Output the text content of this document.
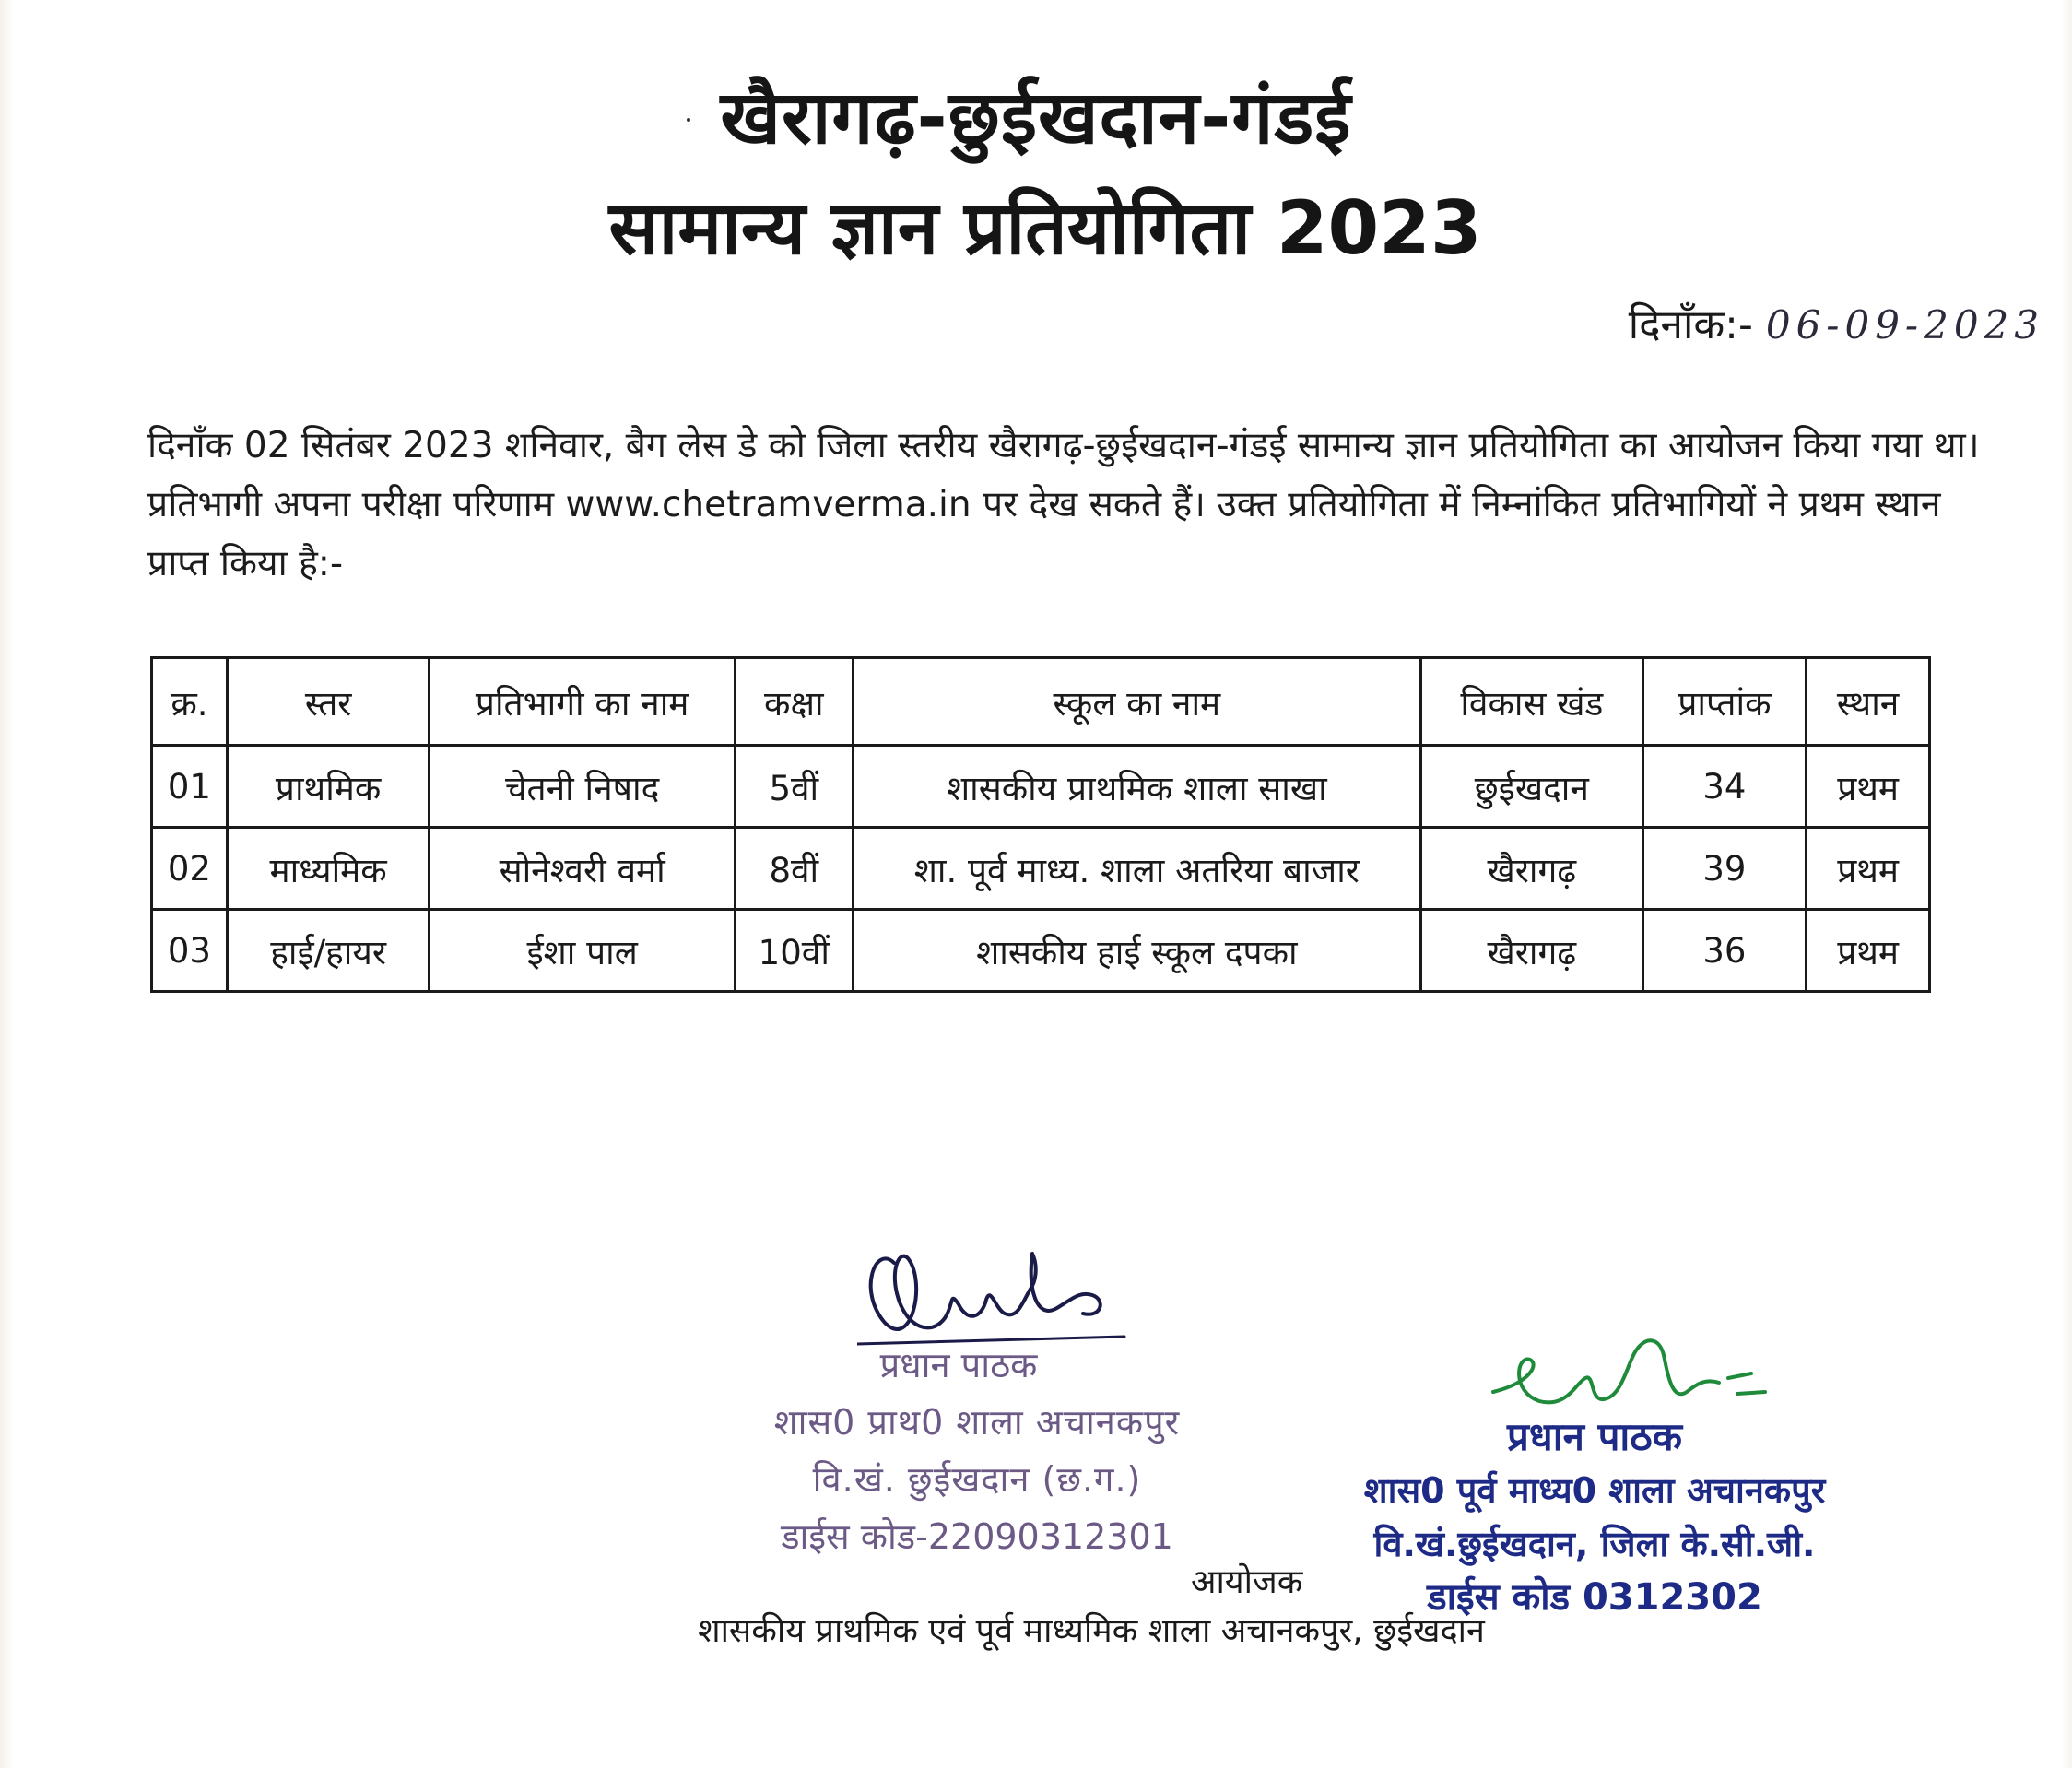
खैरागढ़-छुईखदान-गंडई
सामान्य ज्ञान प्रतियोगिता 2023
दिनाँक:- 06-09-2023
दिनाँक 02 सितंबर 2023 शनिवार, बैग लेस डे को जिला स्तरीय खैरागढ़-छुईखदान-गंडई सामान्य ज्ञान प्रतियोगिता का आयोजन किया गया था। प्रतिभागी अपना परीक्षा परिणाम www.chetramverma.in पर देख सकते हैं। उक्त प्रतियोगिता में निम्नांकित प्रतिभागियों ने प्रथम स्थान प्राप्त किया है:-
क्र.	स्तर	प्रतिभागी का नाम	कक्षा	स्कूल का नाम	विकास खंड	प्राप्तांक	स्थान
01	प्राथमिक	चेतनी निषाद	5वीं	शासकीय प्राथमिक शाला साखा	छुईखदान	34	प्रथम
02	माध्यमिक	सोनेश्वरी वर्मा	8वीं	शा. पूर्व माध्य. शाला अतरिया बाजार	खैरागढ़	39	प्रथम
03	हाई/हायर	ईशा पाल	10वीं	शासकीय हाई स्कूल दपका	खैरागढ़	36	प्रथम
प्रधान पाठक
शास0 प्राथ0 शाला अचानकपुर
वि.खं. छुईखदान (छ.ग.)
डाईस कोड-22090312301
प्रधान पाठक
शास0 पूर्व माध्य0 शाला अचानकपुर
वि.खं.छुईखदान, जिला के.सी.जी.
डाईस कोड 0312302
आयोजक
शासकीय प्राथमिक एवं पूर्व माध्यमिक शाला अचानकपुर, छुईखदान
